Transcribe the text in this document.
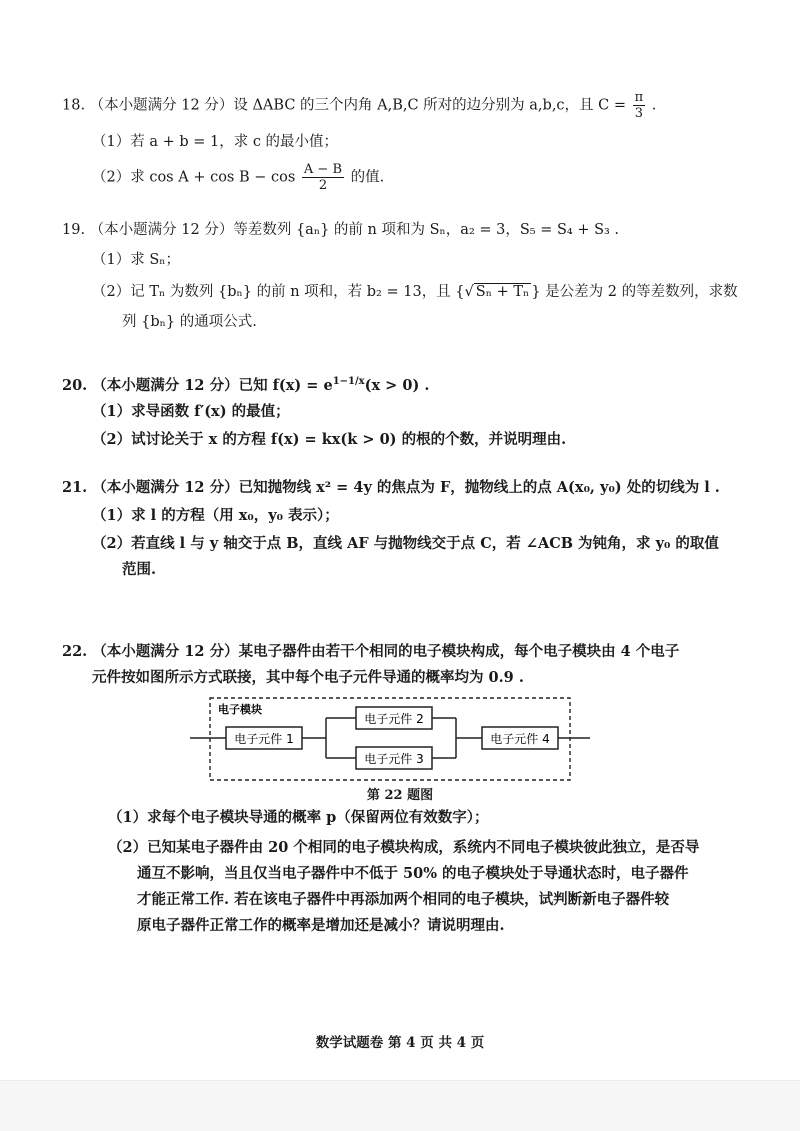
18. （本小题满分 12 分）设 ΔABC 的三个内角 A,B,C 所对的边分别为 a,b,c，且 $C = \frac{\pi}{3}$ .
（1）若 a + b = 1，求 c 的最小值；
（2）求 $\cos A + \cos B - \cos \frac{A - B}{2}$ 的值.
19. （本小题满分 12 分）等差数列 {aₙ} 的前 n 项和为 Sₙ，a₂ = 3，S₅ = S₄ + S₃ .
（1）求 Sₙ；
（2）记 Tₙ 为数列 {bₙ} 的前 n 项和，若 b₂ = 13，且 {√ Sₙ + Tₙ } 是公差为 2 的等差数列，求数
列 {bₙ} 的通项公式.
20. （本小题满分 12 分）已知 $f(x) = e^{1-1/x}(x > 0)$ .
（1）求导函数 f′(x) 的最值；
（2）试讨论关于 x 的方程 f(x) = kx(k > 0) 的根的个数，并说明理由.
21. （本小题满分 12 分）已知抛物线 x² = 4y 的焦点为 F，抛物线上的点 A(x₀, y₀) 处的切线为 l .
（1）求 l 的方程（用 x₀，y₀ 表示）；
（2）若直线 l 与 y 轴交于点 B，直线 AF 与抛物线交于点 C，若 ∠ACB 为钝角，求 y₀ 的取值
范围.
22. （本小题满分 12 分）某电子器件由若干个相同的电子模块构成，每个电子模块由 4 个电子
元件按如图所示方式联接，其中每个电子元件导通的概率均为 0.9 .
电子模块
电子元件 1
电子元件 2
电子元件 3
电子元件 4
第 22 题图
（1）求每个电子模块导通的概率 p（保留两位有效数字）；
（2）已知某电子器件由 20 个相同的电子模块构成，系统内不同电子模块彼此独立，是否导
通互不影响，当且仅当电子器件中不低于 50% 的电子模块处于导通状态时，电子器件
才能正常工作. 若在该电子器件中再添加两个相同的电子模块，试判断新电子器件较
原电子器件正常工作的概率是增加还是减小？请说明理由.
数学试题卷 第 4 页 共 4 页
